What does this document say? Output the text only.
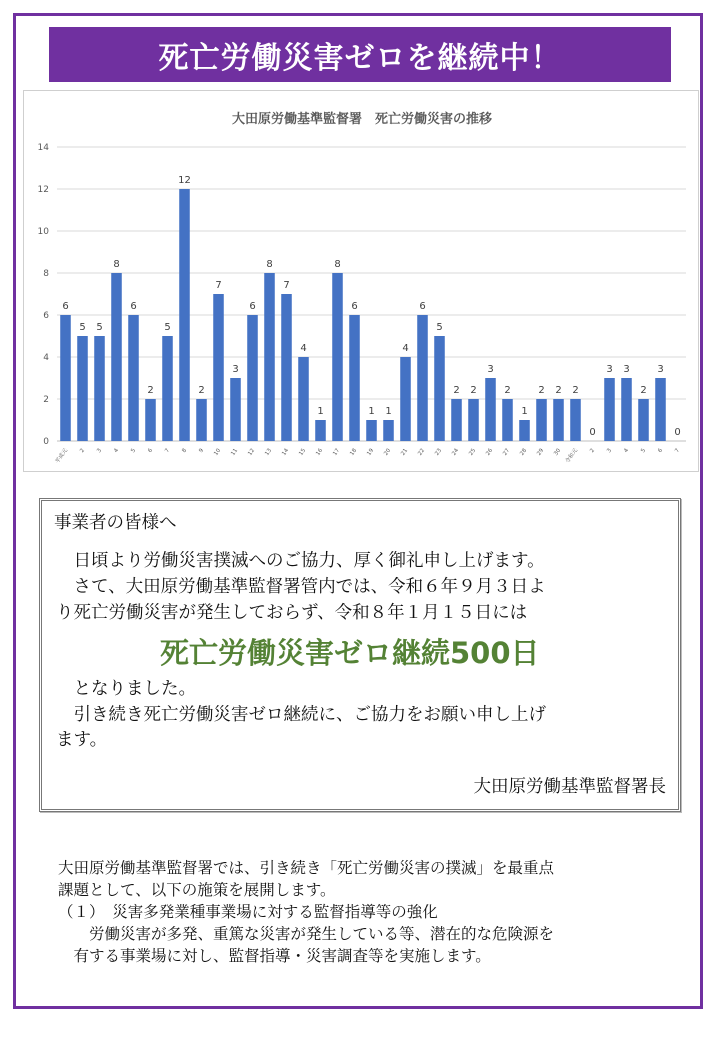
死亡労働災害ゼロを継続中！
大田原労働基準監督署　死亡労働災害の推移
0
2
4
6
8
10
12
14
6
平成元
5
2
5
3
8
4
6
5
2
6
5
7
12
8
2
9
7
10
3
11
6
12
8
13
7
14
4
15
1
16
8
17
6
18
1
19
1
20
4
21
6
22
5
23
2
24
2
25
3
26
2
27
1
28
2
29
2
30
2
令和元
0
2
3
3
3
4
2
5
3
6
0
7
事業者の皆様へ
　日頃より労働災害撲滅へのご協力、厚く御礼申し上げます。
　さて、大田原労働基準監督署管内では、令和６年９月３日よ
り死亡労働災害が発生しておらず、令和８年１月１５日には
死亡労働災害ゼロ継続500日
　となりました。
　引き続き死亡労働災害ゼロ継続に、ご協力をお願い申し上げ
ます。
大田原労働基準監督署長
大田原労働基準監督署では、引き続き「死亡労働災害の撲滅」を最重点
課題として、以下の施策を展開します。
（１）　災害多発業種事業場に対する監督指導等の強化
　　労働災害が多発、重篤な災害が発生している等、潜在的な危険源を
　有する事業場に対し、監督指導・災害調査等を実施します。
